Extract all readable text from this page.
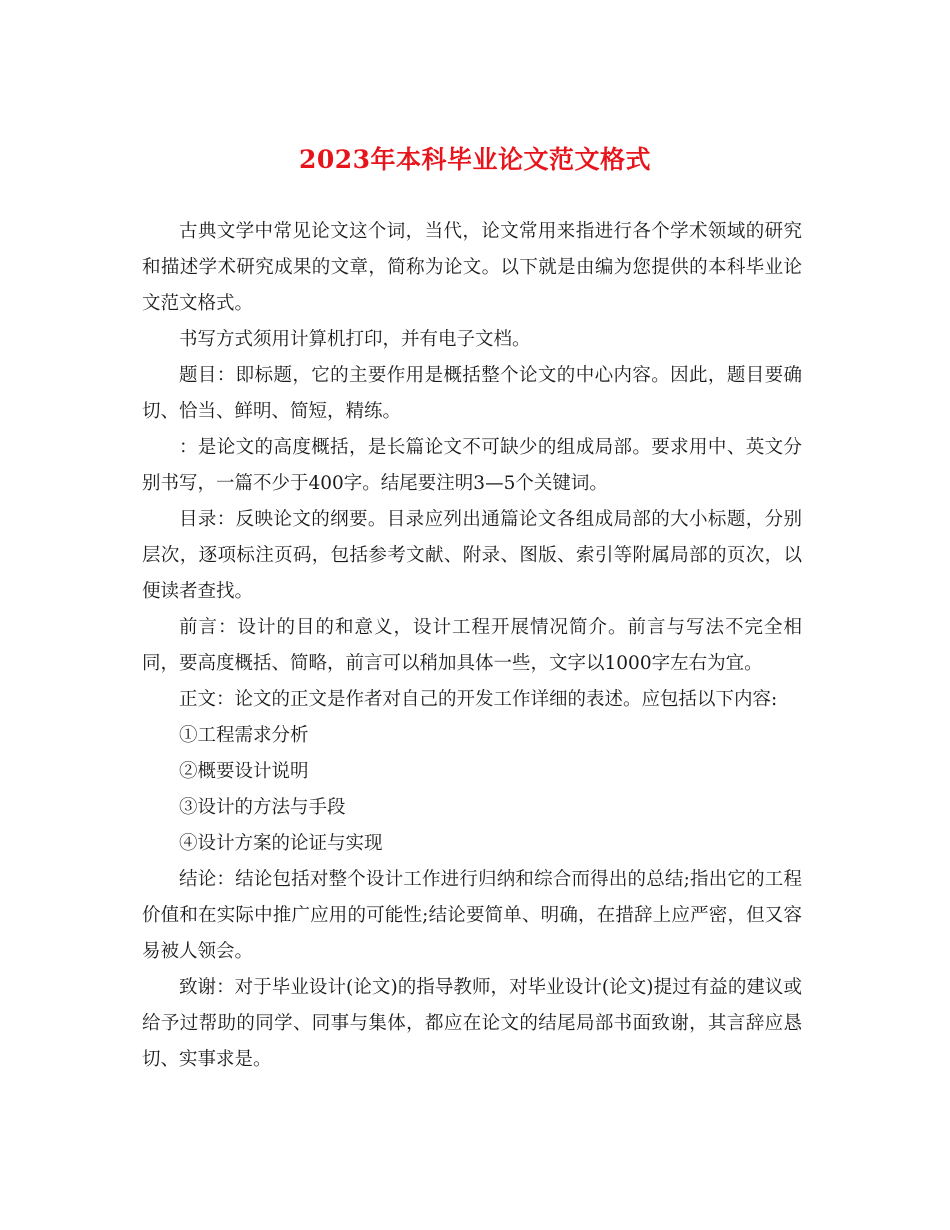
2023年本科毕业论文范文格式

古典文学中常见论文这个词，当代，论文常用来指进行各个学术领域的研究和描述学术研究成果的文章，简称为论文。以下就是由编为您提供的本科毕业论文范文格式。

书写方式须用计算机打印，并有电子文档。

题目：即标题，它的主要作用是概括整个论文的中心内容。因此，题目要确切、恰当、鲜明、简短，精练。

：是论文的高度概括，是长篇论文不可缺少的组成局部。要求用中、英文分别书写，一篇不少于400字。结尾要注明3—5个关键词。

目录：反映论文的纲要。目录应列出通篇论文各组成局部的大小标题，分别层次，逐项标注页码，包括参考文献、附录、图版、索引等附属局部的页次，以便读者查找。

前言：设计的目的和意义，设计工程开展情况简介。前言与写法不完全相同，要高度概括、简略，前言可以稍加具体一些，文字以1000字左右为宜。

正文：论文的正文是作者对自己的开发工作详细的表述。应包括以下内容:

①工程需求分析

②概要设计说明

③设计的方法与手段

④设计方案的论证与实现

结论：结论包括对整个设计工作进行归纳和综合而得出的总结;指出它的工程价值和在实际中推广应用的可能性;结论要简单、明确，在措辞上应严密，但又容易被人领会。

致谢：对于毕业设计(论文)的指导教师，对毕业设计(论文)提过有益的建议或给予过帮助的同学、同事与集体，都应在论文的结尾局部书面致谢，其言辞应恳切、实事求是。
